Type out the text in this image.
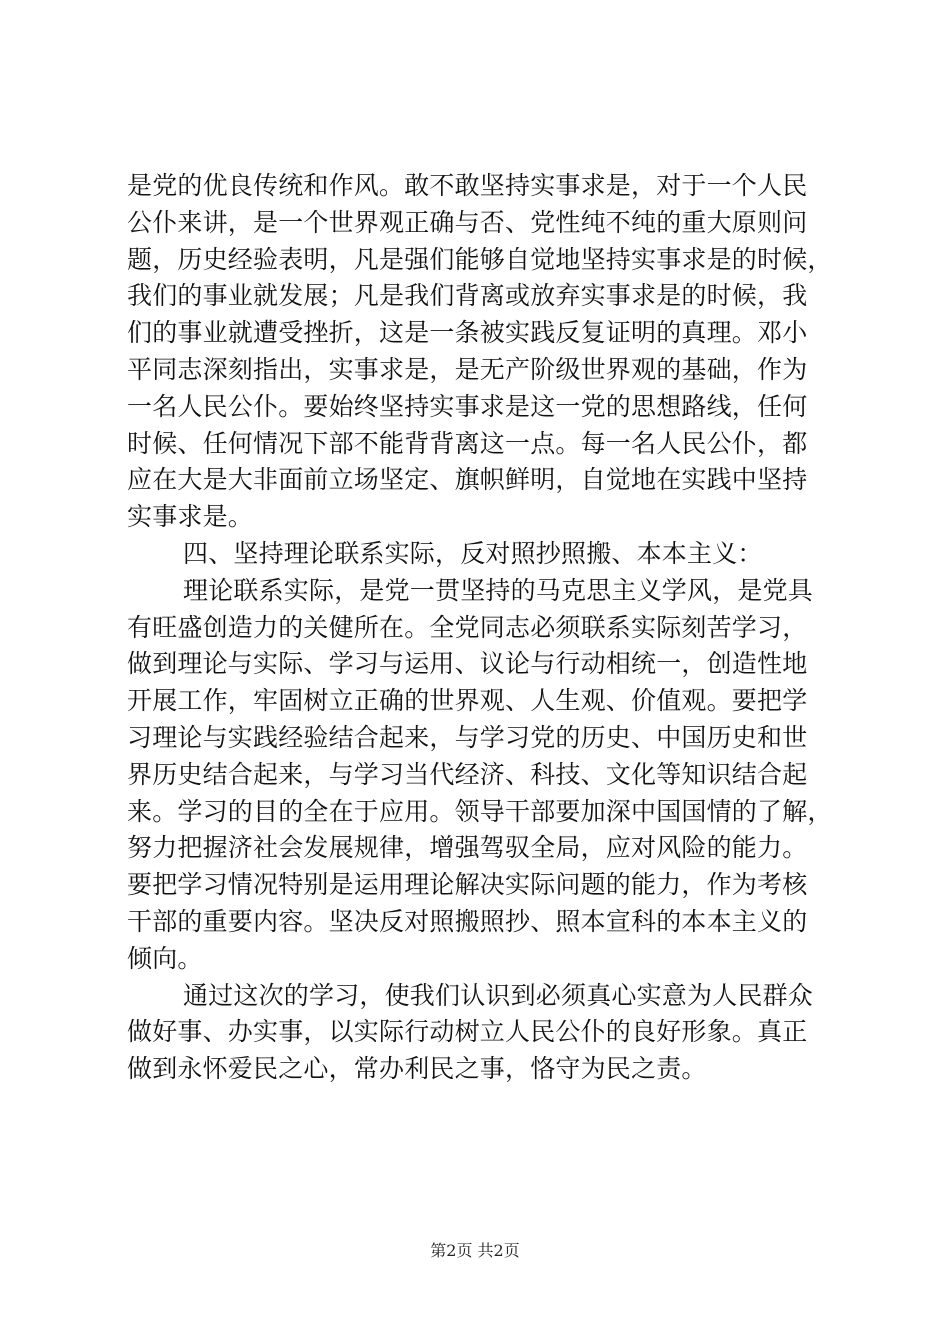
是党的优良传统和作风。敢不敢坚持实事求是，对于一个人民
公仆来讲，是一个世界观正确与否、党性纯不纯的重大原则问
题，历史经验表明，凡是强们能够自觉地坚持实事求是的时候，
我们的事业就发展；凡是我们背离或放弃实事求是的时候，我
们的事业就遭受挫折，这是一条被实践反复证明的真理。邓小
平同志深刻指出，实事求是，是无产阶级世界观的基础，作为
一名人民公仆。要始终坚持实事求是这一党的思想路线，任何
时候、任何情况下部不能背背离这一点。每一名人民公仆，都
应在大是大非面前立场坚定、旗帜鲜明，自觉地在实践中坚持
实事求是。
四、坚持理论联系实际，反对照抄照搬、本本主义：
理论联系实际，是党一贯坚持的马克思主义学风，是党具
有旺盛创造力的关健所在。全党同志必须联系实际刻苦学习，
做到理论与实际、学习与运用、议论与行动相统一，创造性地
开展工作，牢固树立正确的世界观、人生观、价值观。要把学
习理论与实践经验结合起来，与学习党的历史、中国历史和世
界历史结合起来，与学习当代经济、科技、文化等知识结合起
来。学习的目的全在于应用。领导干部要加深中国国情的了解，
努力把握济社会发展规律，增强驾驭全局，应对风险的能力。
要把学习情况特别是运用理论解决实际问题的能力，作为考核
干部的重要内容。坚决反对照搬照抄、照本宣科的本本主义的
倾向。
通过这次的学习，使我们认识到必须真心实意为人民群众
做好事、办实事，以实际行动树立人民公仆的良好形象。真正
做到永怀爱民之心，常办利民之事，恪守为民之责。
第2页 共2页
